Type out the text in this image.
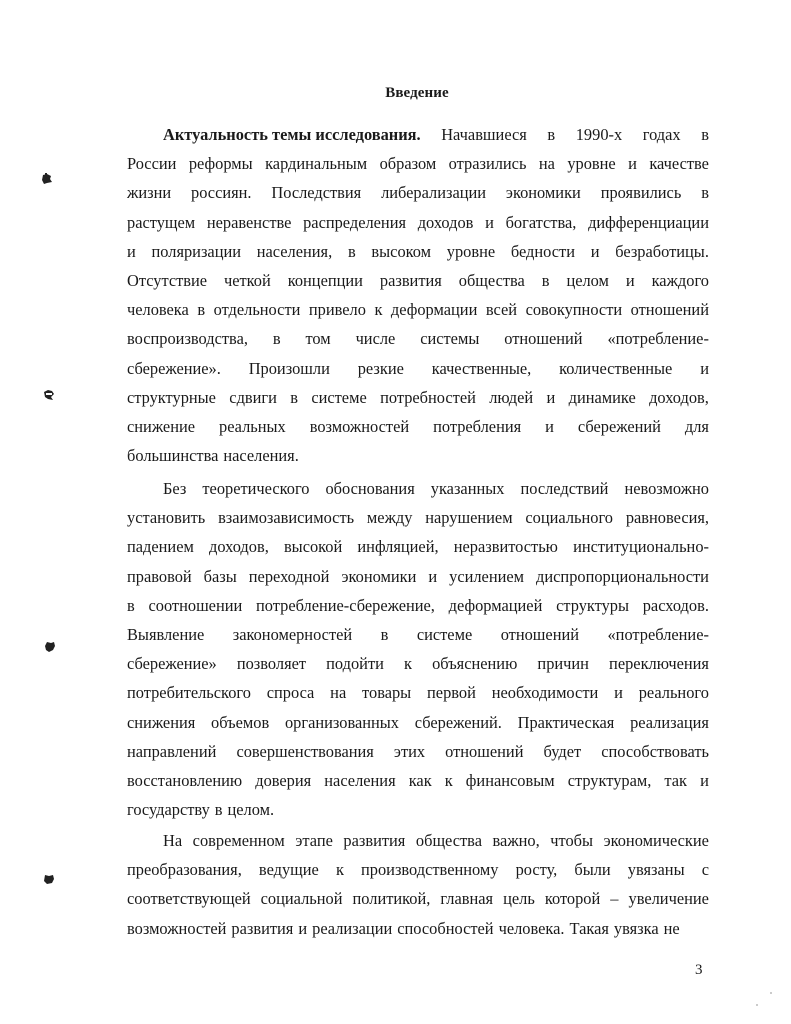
Введение
Актуальность темы исследования. Начавшиеся в 1990-х годах в
России реформы кардинальным образом отразились на уровне и качестве
жизни россиян. Последствия либерализации экономики проявились в
растущем неравенстве распределения доходов и богатства, дифференциации
и поляризации населения, в высоком уровне бедности и безработицы.
Отсутствие четкой концепции развития общества в целом и каждого
человека в отдельности привело к деформации всей совокупности отношений
воспроизводства, в том числе системы отношений «потребление-
сбережение». Произошли резкие качественные, количественные и
структурные сдвиги в системе потребностей людей и динамике доходов,
снижение реальных возможностей потребления и сбережений для
большинства населения.
Без теоретического обоснования указанных последствий невозможно
установить взаимозависимость между нарушением социального равновесия,
падением доходов, высокой инфляцией, неразвитостью институционально-
правовой базы переходной экономики и усилением диспропорциональности
в соотношении потребление-сбережение, деформацией структуры расходов.
Выявление закономерностей в системе отношений «потребление-
сбережение» позволяет подойти к объяснению причин переключения
потребительского спроса на товары первой необходимости и реального
снижения объемов организованных сбережений. Практическая реализация
направлений совершенствования этих отношений будет способствовать
восстановлению доверия населения как к финансовым структурам, так и
государству в целом.
На современном этапе развития общества важно, чтобы экономические
преобразования, ведущие к производственному росту, были увязаны с
соответствующей социальной политикой, главная цель которой – увеличение
возможностей развития и реализации способностей человека. Такая увязка не
3
